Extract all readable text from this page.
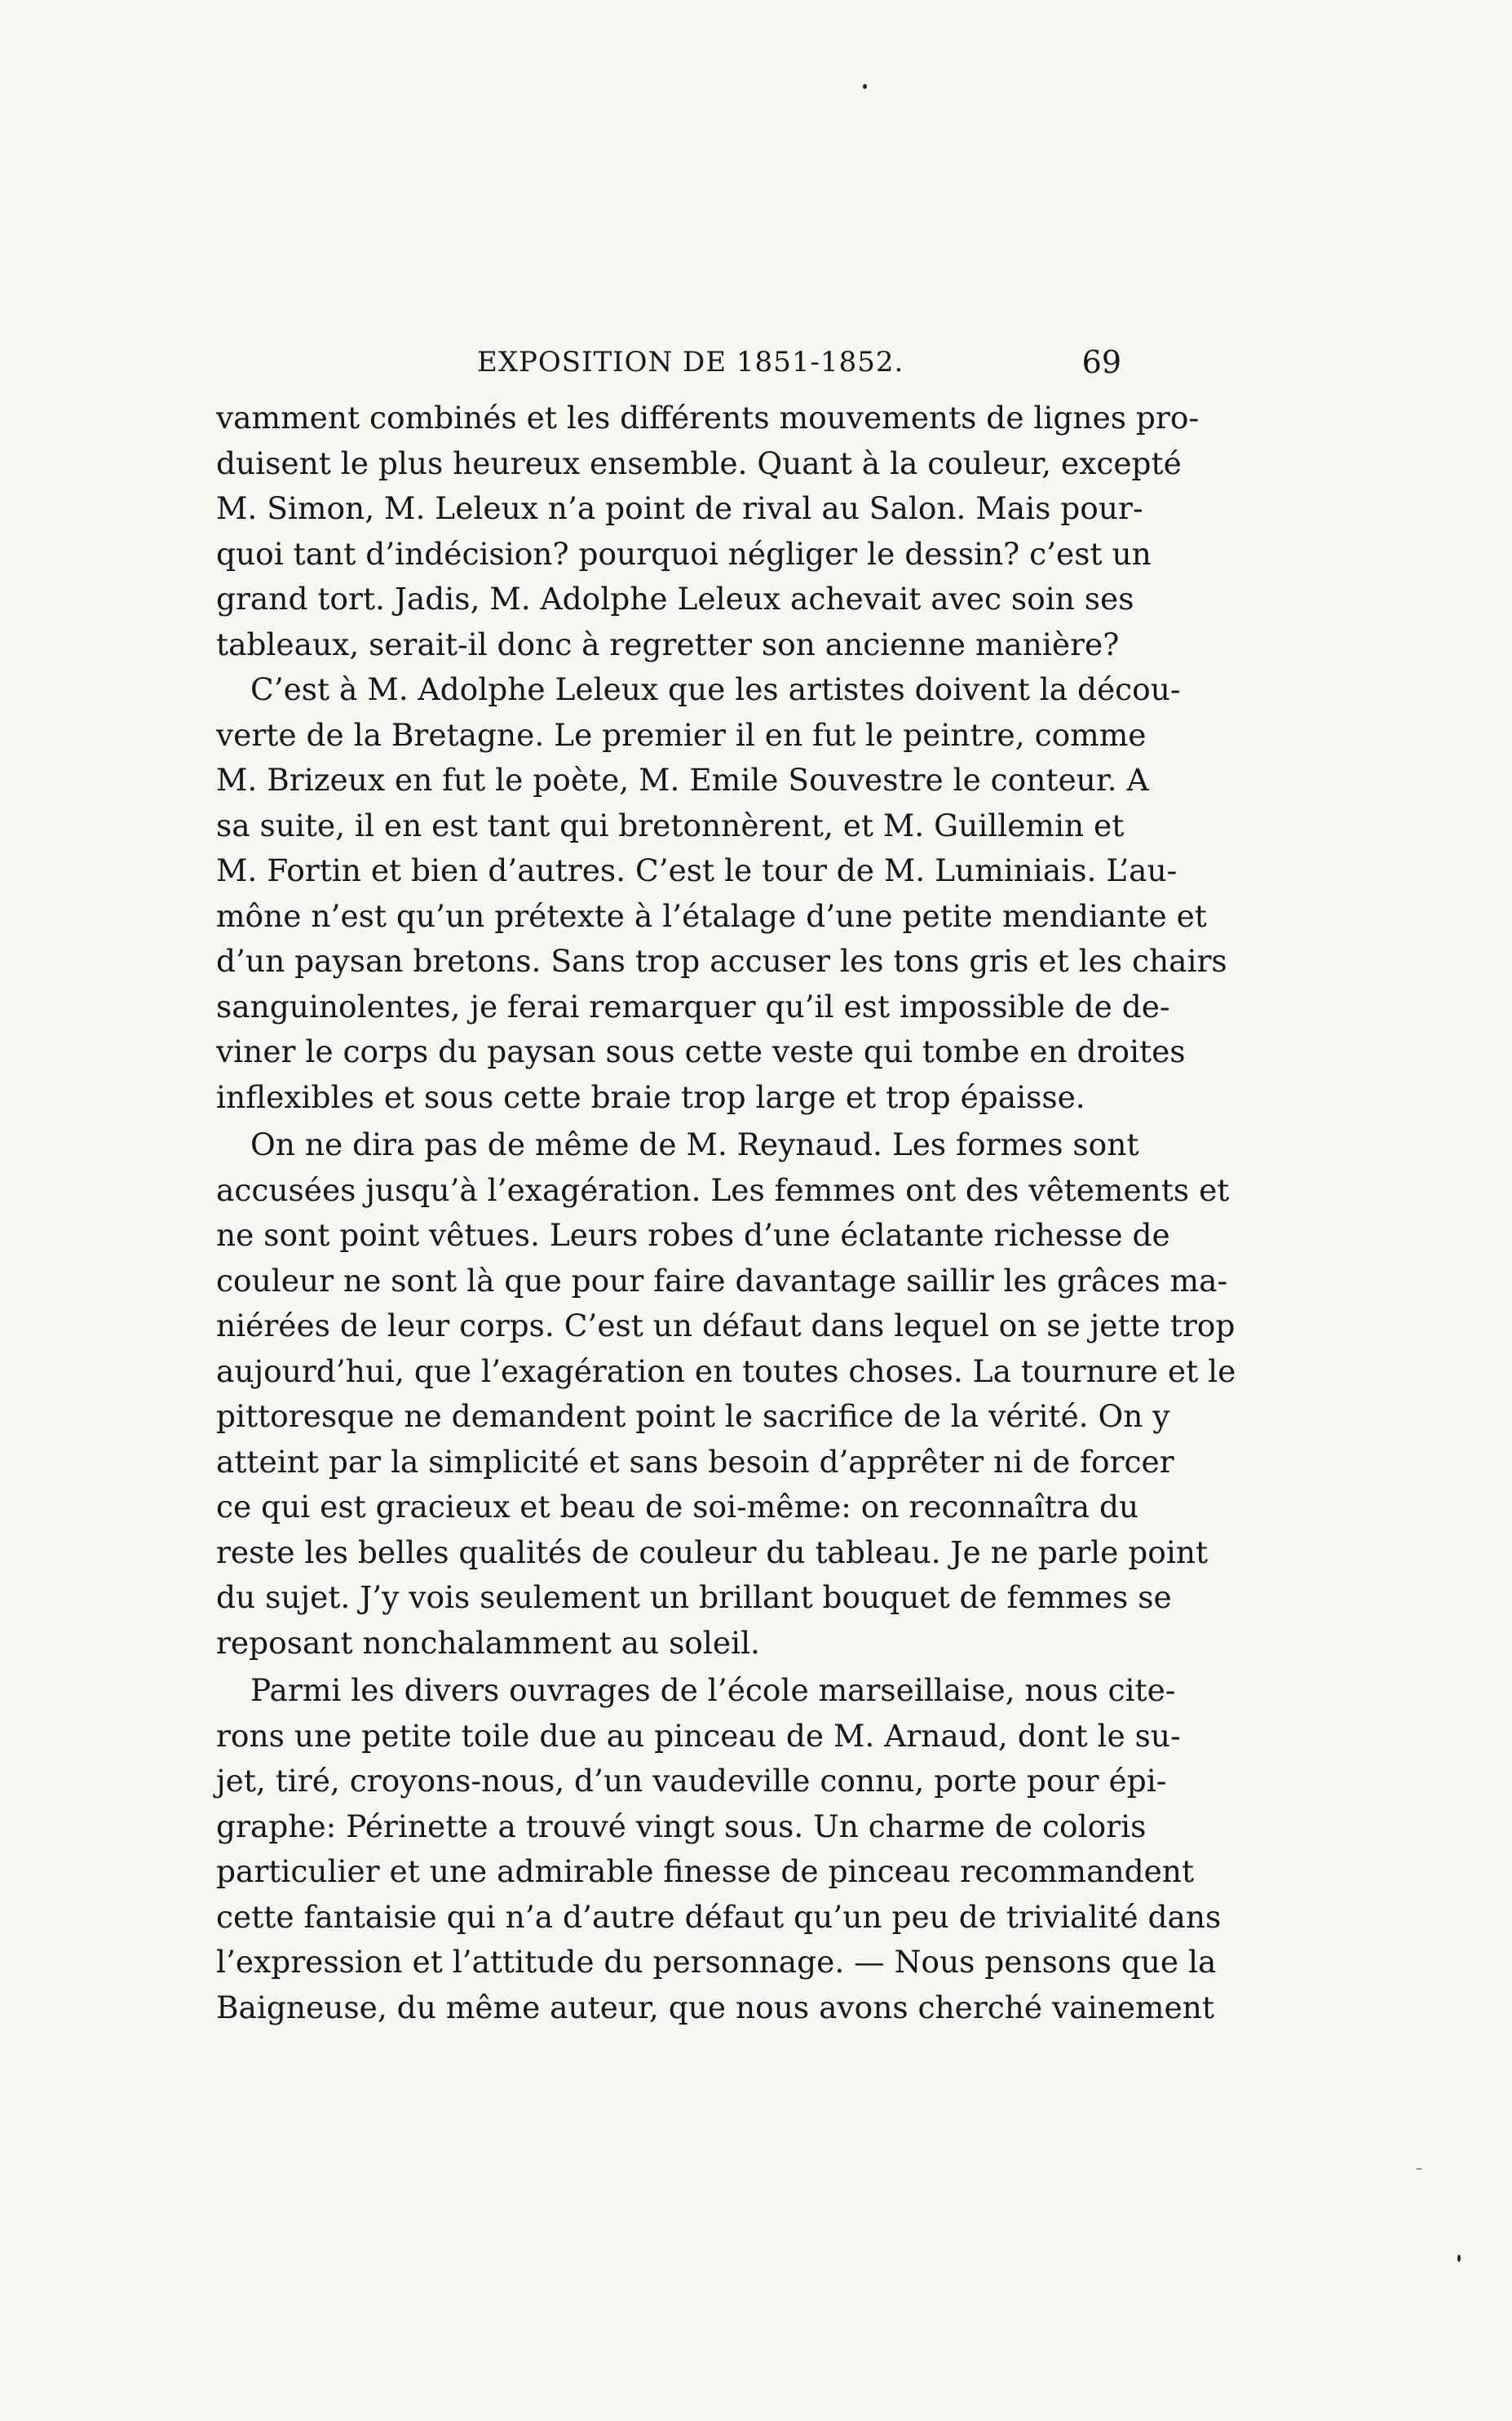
EXPOSITION DE 1851-1852.	69
vamment combinés et les différents mouvements de lignes pro-
duisent le plus heureux ensemble. Quant à la couleur, excepté
M. Simon, M. Leleux n’a point de rival au Salon. Mais pour-
quoi tant d’indécision? pourquoi négliger le dessin? c’est un
grand tort. Jadis, M. Adolphe Leleux achevait avec soin ses
tableaux, serait-il donc à regretter son ancienne manière?
C’est à M. Adolphe Leleux que les artistes doivent la décou-
verte de la Bretagne. Le premier il en fut le peintre, comme
M. Brizeux en fut le poète, M. Emile Souvestre le conteur. A
sa suite, il en est tant qui bretonnèrent, et M. Guillemin et
M. Fortin et bien d’autres. C’est le tour de M. Luminiais. L’au-
mône n’est qu’un prétexte à l’étalage d’une petite mendiante et
d’un paysan bretons. Sans trop accuser les tons gris et les chairs
sanguinolentes, je ferai remarquer qu’il est impossible de de-
viner le corps du paysan sous cette veste qui tombe en droites
inflexibles et sous cette braie trop large et trop épaisse.
On ne dira pas de même de M. Reynaud. Les formes sont
accusées jusqu’à l’exagération. Les femmes ont des vêtements et
ne sont point vêtues. Leurs robes d’une éclatante richesse de
couleur ne sont là que pour faire davantage saillir les grâces ma-
niérées de leur corps. C’est un défaut dans lequel on se jette trop
aujourd’hui, que l’exagération en toutes choses. La tournure et le
pittoresque ne demandent point le sacrifice de la vérité. On y
atteint par la simplicité et sans besoin d’apprêter ni de forcer
ce qui est gracieux et beau de soi-même: on reconnaîtra du
reste les belles qualités de couleur du tableau. Je ne parle point
du sujet. J’y vois seulement un brillant bouquet de femmes se
reposant nonchalamment au soleil.
Parmi les divers ouvrages de l’école marseillaise, nous cite-
rons une petite toile due au pinceau de M. Arnaud, dont le su-
jet, tiré, croyons-nous, d’un vaudeville connu, porte pour épi-
graphe: Périnette a trouvé vingt sous. Un charme de coloris
particulier et une admirable finesse de pinceau recommandent
cette fantaisie qui n’a d’autre défaut qu’un peu de trivialité dans
l’expression et l’attitude du personnage. — Nous pensons que la
Baigneuse, du même auteur, que nous avons cherché vainement
